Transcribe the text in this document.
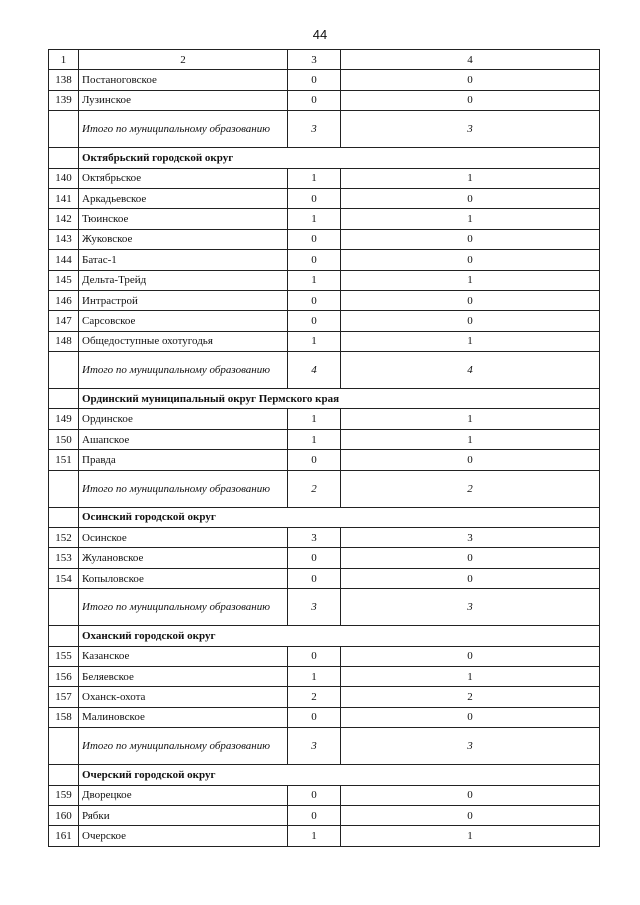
44
1	2	3	4
138	Постаноговское	0	0
139	Лузинское	0	0
	Итого по муниципальному образованию	3	3
	Октябрьский городской округ		
140	Октябрьское	1	1
141	Аркадьевское	0	0
142	Тюинское	1	1
143	Жуковское	0	0
144	Батас-1	0	0
145	Дельта-Трейд	1	1
146	Интрастрой	0	0
147	Сарсовское	0	0
148	Общедоступные охотугодья	1	1
	Итого по муниципальному образованию	4	4
	Ординский муниципальный округ Пермского края		
149	Ординское	1	1
150	Ашапское	1	1
151	Правда	0	0
	Итого по муниципальному образованию	2	2
	Осинский городской округ		
152	Осинское	3	3
153	Жулановское	0	0
154	Копыловское	0	0
	Итого по муниципальному образованию	3	3
	Оханский городской округ		
155	Казанское	0	0
156	Беляевское	1	1
157	Оханск-охота	2	2
158	Малиновское	0	0
	Итого по муниципальному образованию	3	3
	Очерский городской округ		
159	Дворецкое	0	0
160	Рябки	0	0
161	Очерское	1	1
